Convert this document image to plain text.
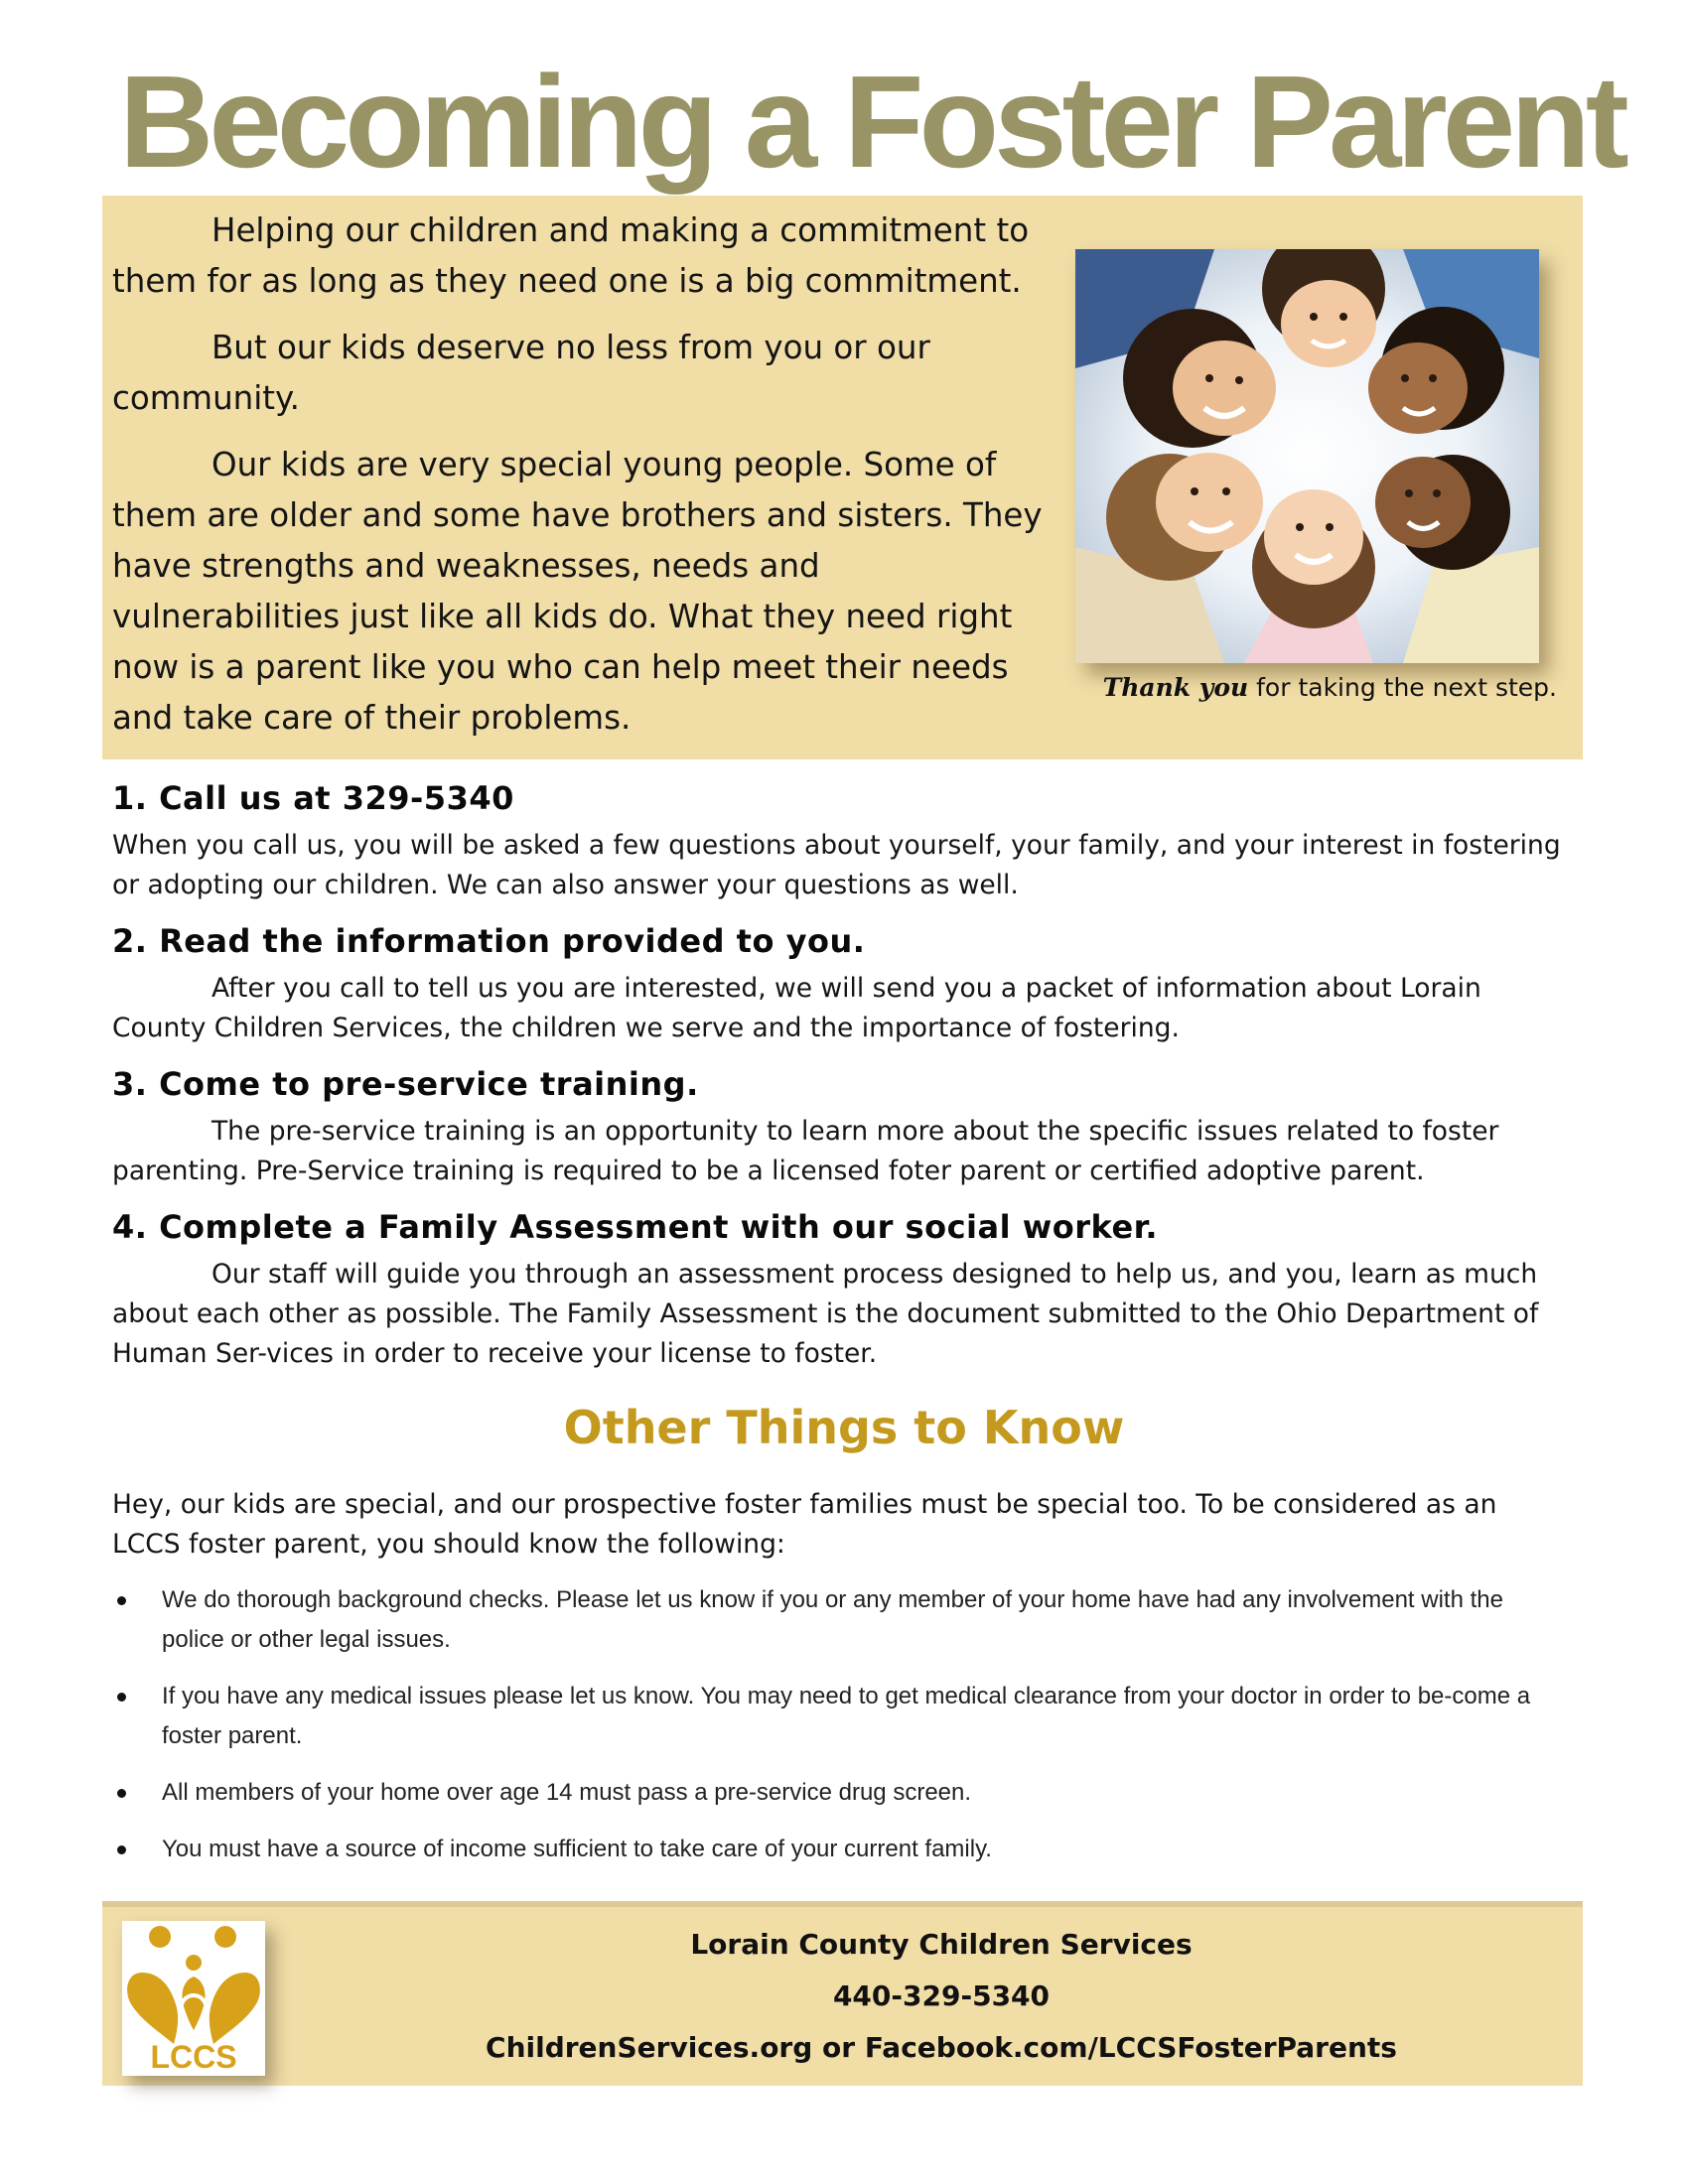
Becoming a Foster Parent

Helping our children and making a commitment to them for as long as they need one is a big commitment.

But our kids deserve no less from you or our community.

Our kids are very special young people. Some of them are older and some have brothers and sisters. They have strengths and weaknesses, needs and vulnerabilities just like all kids do. What they need right now is a parent like you who can help meet their needs and take care of their problems.

Thank you for taking the next step.
1. Call us at 329-5340

When you call us, you will be asked a few questions about yourself, your family, and your interest in fostering or adopting our children. We can also answer your questions as well.

2. Read the information provided to you.

After you call to tell us you are interested, we will send you a packet of information about Lorain County Children Services, the children we serve and the importance of fostering.

3. Come to pre-service training.

The pre-service training is an opportunity to learn more about the specific issues related to foster parenting. Pre-Service training is required to be a licensed foter parent or certified adoptive parent.

4. Complete a Family Assessment with our social worker.

Our staff will guide you through an assessment process designed to help us, and you, learn as much about each other as possible. The Family Assessment is the document submitted to the Ohio Department of Human Ser-vices in order to receive your license to foster.

Other Things to Know

Hey, our kids are special, and our prospective foster families must be special too. To be considered as an LCCS foster parent, you should know the following:

We do thorough background checks. Please let us know if you or any member of your home have had any involvement with the police or other legal issues.
If you have any medical issues please let us know. You may need to get medical clearance from your doctor in order to be-come a foster parent.
All members of your home over age 14 must pass a pre-service drug screen.
You must have a source of income sufficient to take care of your current family.
LCCS
Lorain County Children Services
440-329-5340
ChildrenServices.org or Facebook.com/LCCSFosterParents
